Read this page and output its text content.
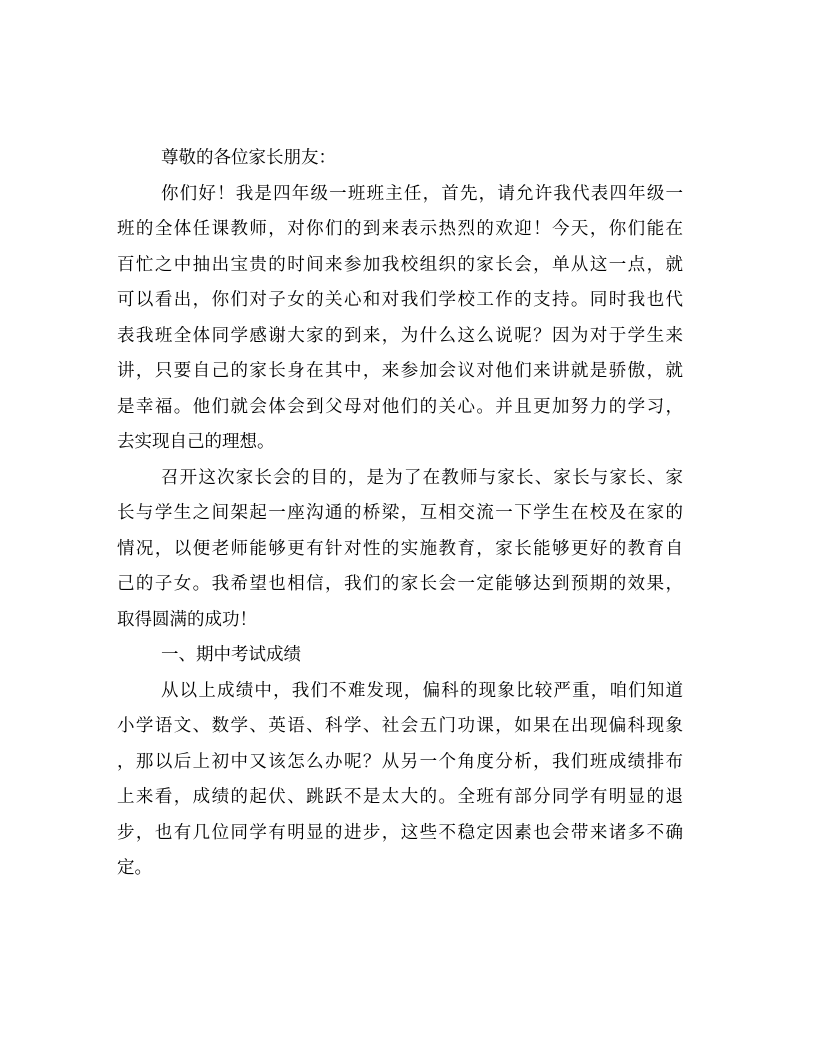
尊敬的各位家长朋友：
你们好！我是四年级一班班主任，首先，请允许我代表四年级一
班的全体任课教师，对你们的到来表示热烈的欢迎！今天，你们能在
百忙之中抽出宝贵的时间来参加我校组织的家长会，单从这一点，就
可以看出，你们对子女的关心和对我们学校工作的支持。同时我也代
表我班全体同学感谢大家的到来，为什么这么说呢？因为对于学生来
讲，只要自己的家长身在其中，来参加会议对他们来讲就是骄傲，就
是幸福。他们就会体会到父母对他们的关心。并且更加努力的学习，
去实现自己的理想。
召开这次家长会的目的，是为了在教师与家长、家长与家长、家
长与学生之间架起一座沟通的桥梁，互相交流一下学生在校及在家的
情况，以便老师能够更有针对性的实施教育，家长能够更好的教育自
己的子女。我希望也相信，我们的家长会一定能够达到预期的效果，
取得圆满的成功！
一、期中考试成绩
从以上成绩中，我们不难发现，偏科的现象比较严重，咱们知道
小学语文、数学、英语、科学、社会五门功课，如果在出现偏科现象
，那以后上初中又该怎么办呢？从另一个角度分析，我们班成绩排布
上来看，成绩的起伏、跳跃不是太大的。全班有部分同学有明显的退
步，也有几位同学有明显的进步，这些不稳定因素也会带来诸多不确
定。
